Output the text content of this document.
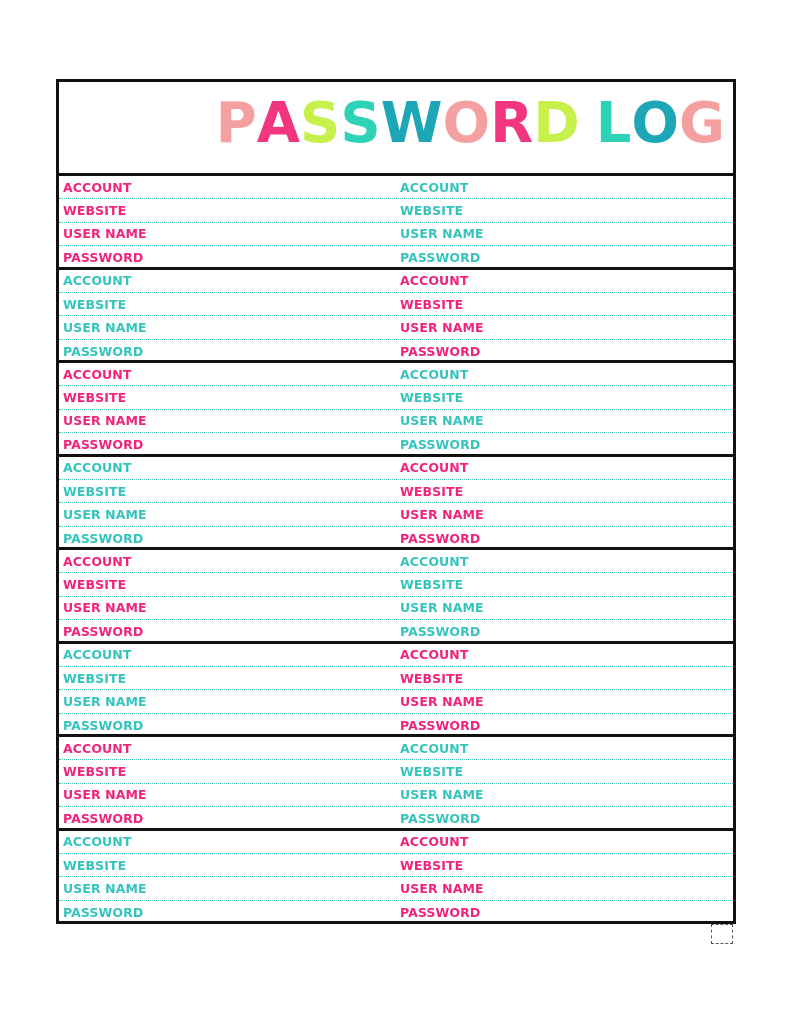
PASSWORD LOG
ACCOUNT	ACCOUNT
WEBSITE	WEBSITE
USER NAME	USER NAME
PASSWORD	PASSWORD
ACCOUNT	ACCOUNT
WEBSITE	WEBSITE
USER NAME	USER NAME
PASSWORD	PASSWORD
ACCOUNT	ACCOUNT
WEBSITE	WEBSITE
USER NAME	USER NAME
PASSWORD	PASSWORD
ACCOUNT	ACCOUNT
WEBSITE	WEBSITE
USER NAME	USER NAME
PASSWORD	PASSWORD
ACCOUNT	ACCOUNT
WEBSITE	WEBSITE
USER NAME	USER NAME
PASSWORD	PASSWORD
ACCOUNT	ACCOUNT
WEBSITE	WEBSITE
USER NAME	USER NAME
PASSWORD	PASSWORD
ACCOUNT	ACCOUNT
WEBSITE	WEBSITE
USER NAME	USER NAME
PASSWORD	PASSWORD
ACCOUNT	ACCOUNT
WEBSITE	WEBSITE
USER NAME	USER NAME
PASSWORD	PASSWORD
